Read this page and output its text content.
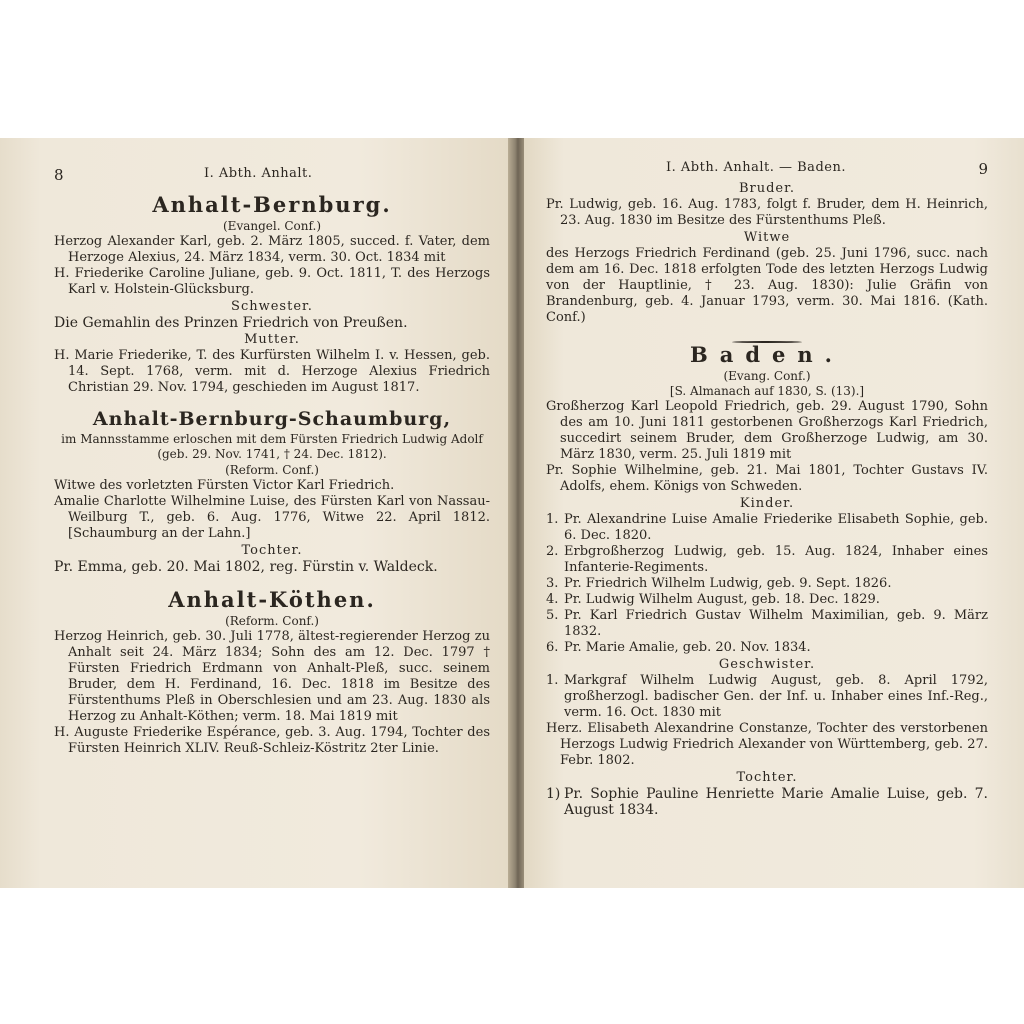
8	I. Abth. Anhalt.

Anhalt-Bernburg.

(Evangel. Conf.)

Herzog Alexander Karl, geb. 2. März 1805, succed. f. Vater, dem Herzoge Alexius, 24. März 1834, verm. 30. Oct. 1834 mit

H. Friederike Caroline Juliane, geb. 9. Oct. 1811, T. des Herzogs Karl v. Holstein-Glücksburg.

Schwester.

Die Gemahlin des Prinzen Friedrich von Preußen.

Mutter.

H. Marie Friederike, T. des Kurfürsten Wilhelm I. v. Hessen, geb. 14. Sept. 1768, verm. mit d. Herzoge Alexius Friedrich Christian 29. Nov. 1794, geschieden im August 1817.

Anhalt-Bernburg-Schaumburg,

im Mannsstamme erloschen mit dem Fürsten Friedrich Ludwig Adolf (geb. 29. Nov. 1741, † 24. Dec. 1812).

(Reform. Conf.)

Witwe des vorletzten Fürsten Victor Karl Friedrich.

Amalie Charlotte Wilhelmine Luise, des Fürsten Karl von Nassau-Weilburg T., geb. 6. Aug. 1776, Witwe 22. April 1812. [Schaumburg an der Lahn.]

Tochter.

Pr. Emma, geb. 20. Mai 1802, reg. Fürstin v. Waldeck.

Anhalt-Köthen.

(Reform. Conf.)

Herzog Heinrich, geb. 30. Juli 1778, ältest-regierender Herzog zu Anhalt seit 24. März 1834; Sohn des am 12. Dec. 1797 † Fürsten Friedrich Erdmann von Anhalt-Pleß, succ. seinem Bruder, dem H. Ferdinand, 16. Dec. 1818 im Besitze des Fürstenthums Pleß in Oberschlesien und am 23. Aug. 1830 als Herzog zu Anhalt-Köthen; verm. 18. Mai 1819 mit

H. Auguste Friederike Espérance, geb. 3. Aug. 1794, Tochter des Fürsten Heinrich XLIV. Reuß-Schleiz-Köstritz 2ter Linie.

I. Abth. Anhalt. — Baden.	9

Bruder.

Pr. Ludwig, geb. 16. Aug. 1783, folgt f. Bruder, dem H. Heinrich, 23. Aug. 1830 im Besitze des Fürstenthums Pleß.

Witwe

des Herzogs Friedrich Ferdinand (geb. 25. Juni 1796, succ. nach dem am 16. Dec. 1818 erfolgten Tode des letzten Herzogs Ludwig von der Hauptlinie, † 23. Aug. 1830): Julie Gräfin von Brandenburg, geb. 4. Januar 1793, verm. 30. Mai 1816. (Kath. Conf.)

Baden.

(Evang. Conf.)

[S. Almanach auf 1830, S. (13).]

Großherzog Karl Leopold Friedrich, geb. 29. August 1790, Sohn des am 10. Juni 1811 gestorbenen Großherzogs Karl Friedrich, succedirt seinem Bruder, dem Großherzoge Ludwig, am 30. März 1830, verm. 25. Juli 1819 mit

Pr. Sophie Wilhelmine, geb. 21. Mai 1801, Tochter Gustavs IV. Adolfs, ehem. Königs von Schweden.

Kinder.

1. Pr. Alexandrine Luise Amalie Friederike Elisabeth Sophie, geb. 6. Dec. 1820.
2. Erbgroßherzog Ludwig, geb. 15. Aug. 1824, Inhaber eines Infanterie-Regiments.
3. Pr. Friedrich Wilhelm Ludwig, geb. 9. Sept. 1826.
4. Pr. Ludwig Wilhelm August, geb. 18. Dec. 1829.
5. Pr. Karl Friedrich Gustav Wilhelm Maximilian, geb. 9. März 1832.
6. Pr. Marie Amalie, geb. 20. Nov. 1834.

Geschwister.

1. Markgraf Wilhelm Ludwig August, geb. 8. April 1792, großherzogl. badischer Gen. der Inf. u. Inhaber eines Inf.-Reg., verm. 16. Oct. 1830 mit

Herz. Elisabeth Alexandrine Constanze, Tochter des verstorbenen Herzogs Ludwig Friedrich Alexander von Württemberg, geb. 27. Febr. 1802.

Tochter.

1) Pr. Sophie Pauline Henriette Marie Amalie Luise, geb. 7. August 1834.
